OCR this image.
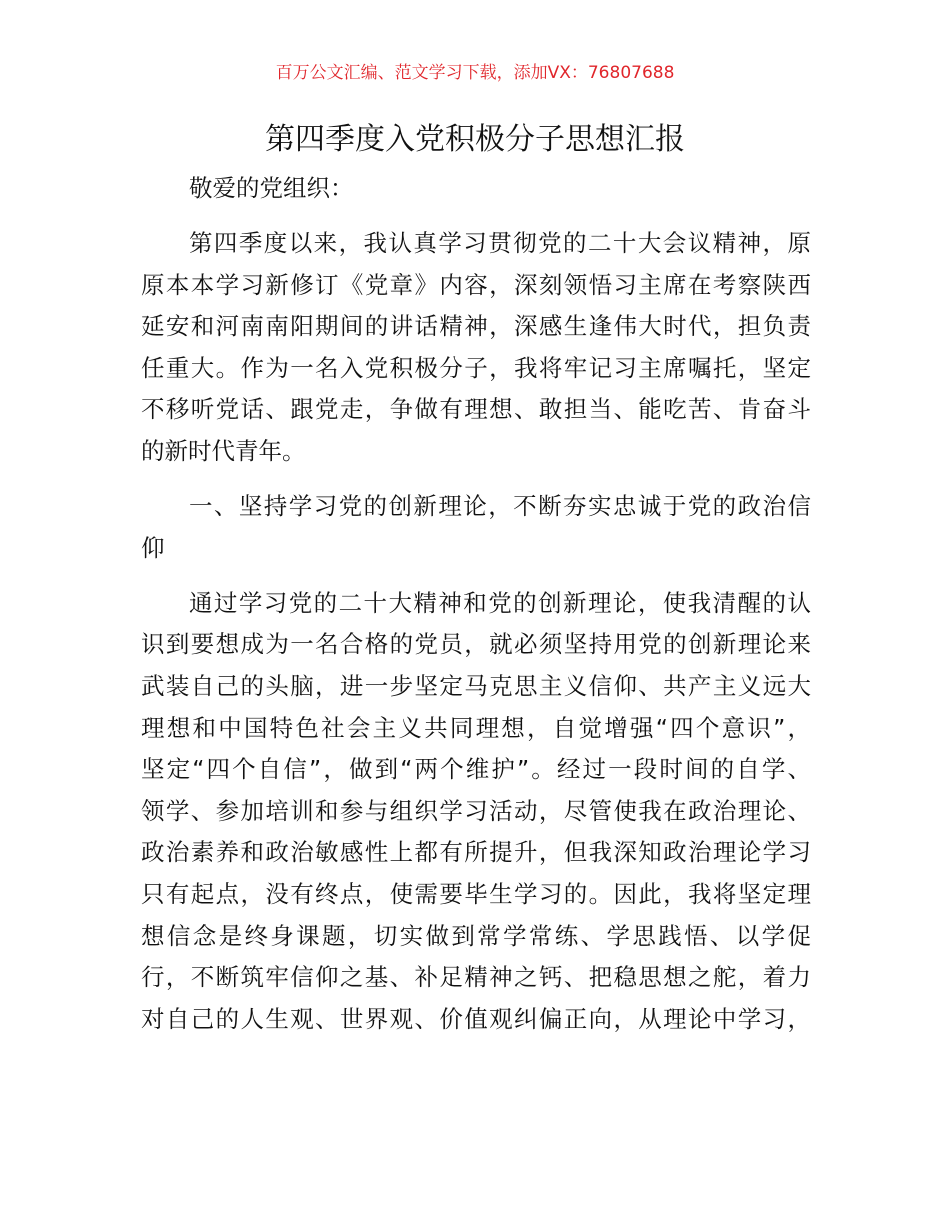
百万公文汇编、范文学习下载，添加VX：76807688
第四季度入党积极分子思想汇报
敬爱的党组织：
第四季度以来，我认真学习贯彻党的二十大会议精神，原
原本本学习新修订《党章》内容，深刻领悟习主席在考察陕西
延安和河南南阳期间的讲话精神，深感生逢伟大时代，担负责
任重大。作为一名入党积极分子，我将牢记习主席嘱托，坚定
不移听党话、跟党走，争做有理想、敢担当、能吃苦、肯奋斗
的新时代青年。
一、坚持学习党的创新理论，不断夯实忠诚于党的政治信
仰
通过学习党的二十大精神和党的创新理论，使我清醒的认
识到要想成为一名合格的党员，就必须坚持用党的创新理论来
武装自己的头脑，进一步坚定马克思主义信仰、共产主义远大
理想和中国特色社会主义共同理想，自觉增强“四个意识”，
坚定“四个自信”，做到“两个维护”。经过一段时间的自学、
领学、参加培训和参与组织学习活动，尽管使我在政治理论、
政治素养和政治敏感性上都有所提升，但我深知政治理论学习
只有起点，没有终点，使需要毕生学习的。因此，我将坚定理
想信念是终身课题，切实做到常学常练、学思践悟、以学促
行，不断筑牢信仰之基、补足精神之钙、把稳思想之舵，着力
对自己的人生观、世界观、价值观纠偏正向，从理论中学习，
